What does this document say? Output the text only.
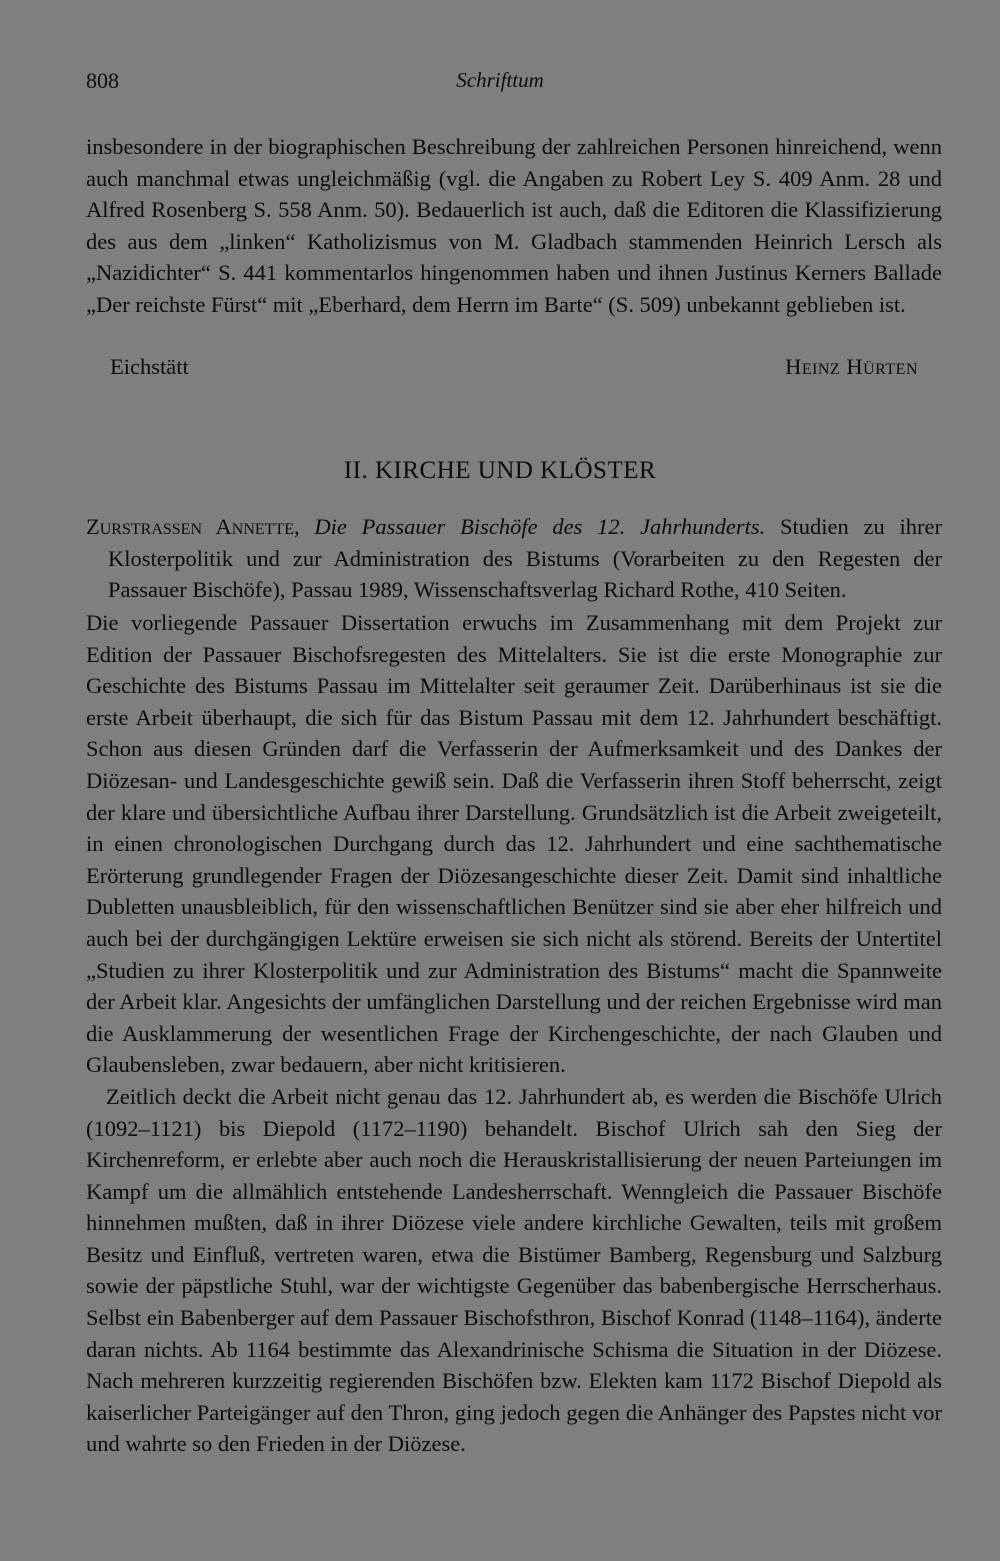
808	Schrifttum

insbesondere in der biographischen Beschreibung der zahlreichen Personen hinreichend, wenn auch manchmal etwas ungleichmäßig (vgl. die Angaben zu Robert Ley S. 409 Anm. 28 und Alfred Rosenberg S. 558 Anm. 50). Bedauerlich ist auch, daß die Editoren die Klassifizierung des aus dem „linken“ Katholizismus von M. Gladbach stammenden Heinrich Lersch als „Nazidichter“ S. 441 kommentarlos hingenommen haben und ihnen Justinus Kerners Ballade „Der reichste Fürst“ mit „Eberhard, dem Herrn im Barte“ (S. 509) unbekannt geblieben ist.

Eichstätt	Heinz Hürten
II. KIRCHE UND KLÖSTER
Zurstrassen Annette, Die Passauer Bischöfe des 12. Jahrhunderts. Studien zu ihrer Klosterpolitik und zur Administration des Bistums (Vorarbeiten zu den Regesten der Passauer Bischöfe), Passau 1989, Wissenschaftsverlag Richard Rothe, 410 Seiten.

Die vorliegende Passauer Dissertation erwuchs im Zusammenhang mit dem Projekt zur Edition der Passauer Bischofsregesten des Mittelalters. Sie ist die erste Monographie zur Geschichte des Bistums Passau im Mittelalter seit geraumer Zeit. Darüberhinaus ist sie die erste Arbeit überhaupt, die sich für das Bistum Passau mit dem 12. Jahrhundert beschäftigt. Schon aus diesen Gründen darf die Verfasserin der Aufmerksamkeit und des Dankes der Diözesan- und Landesgeschichte gewiß sein. Daß die Verfasserin ihren Stoff beherrscht, zeigt der klare und übersichtliche Aufbau ihrer Darstellung. Grundsätzlich ist die Arbeit zweigeteilt, in einen chronologischen Durchgang durch das 12. Jahrhundert und eine sachthematische Erörterung grundlegender Fragen der Diözesangeschichte dieser Zeit. Damit sind inhaltliche Dubletten unausbleiblich, für den wissenschaftlichen Benützer sind sie aber eher hilfreich und auch bei der durchgängigen Lektüre erweisen sie sich nicht als störend. Bereits der Untertitel „Studien zu ihrer Klosterpolitik und zur Administration des Bistums“ macht die Spannweite der Arbeit klar. Angesichts der umfänglichen Darstellung und der reichen Ergebnisse wird man die Ausklammerung der wesentlichen Frage der Kirchengeschichte, der nach Glauben und Glaubensleben, zwar bedauern, aber nicht kritisieren.

Zeitlich deckt die Arbeit nicht genau das 12. Jahrhundert ab, es werden die Bischöfe Ulrich (1092–1121) bis Diepold (1172–1190) behandelt. Bischof Ulrich sah den Sieg der Kirchenreform, er erlebte aber auch noch die Herauskristallisierung der neuen Parteiungen im Kampf um die allmählich entstehende Landesherrschaft. Wenngleich die Passauer Bischöfe hinnehmen mußten, daß in ihrer Diözese viele andere kirchliche Gewalten, teils mit großem Besitz und Einfluß, vertreten waren, etwa die Bistümer Bamberg, Regensburg und Salzburg sowie der päpstliche Stuhl, war der wichtigste Gegenüber das babenbergische Herrscherhaus. Selbst ein Babenberger auf dem Passauer Bischofsthron, Bischof Konrad (1148–1164), änderte daran nichts. Ab 1164 bestimmte das Alexandrinische Schisma die Situation in der Diözese. Nach mehreren kurzzeitig regierenden Bischöfen bzw. Elekten kam 1172 Bischof Diepold als kaiserlicher Parteigänger auf den Thron, ging jedoch gegen die Anhänger des Papstes nicht vor und wahrte so den Frieden in der Diözese.
